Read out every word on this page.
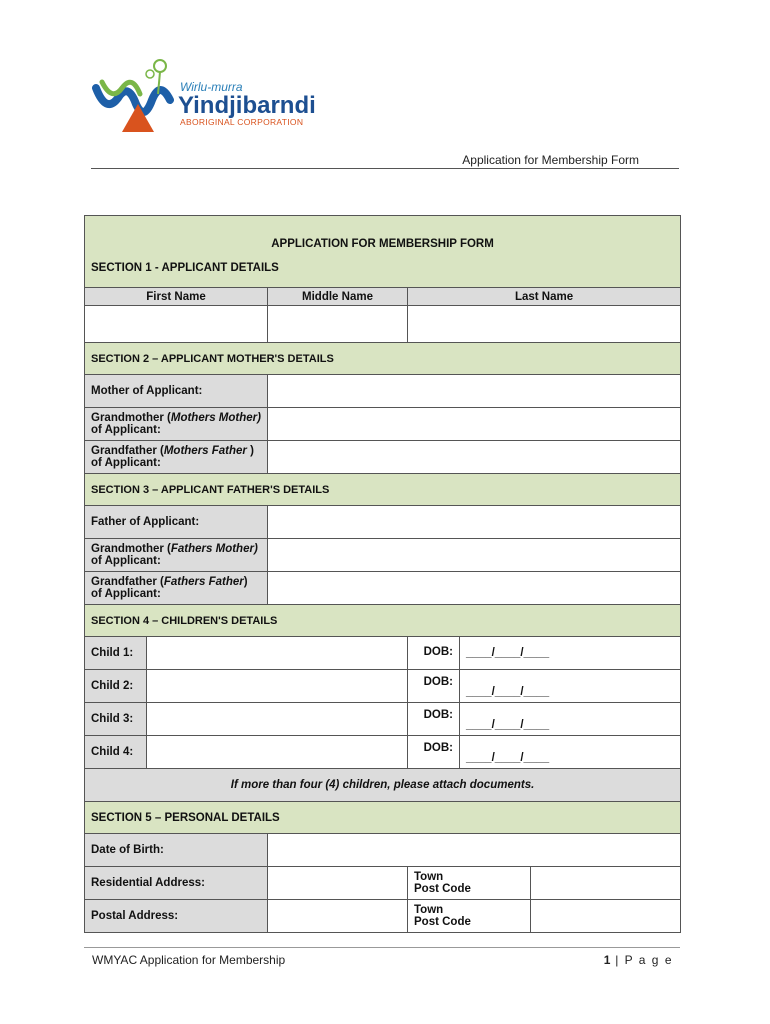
Wirlu-murra
Yindjibarndi
ABORIGINAL CORPORATION
Application for Membership Form
APPLICATION FOR MEMBERSHIP FORM					
SECTION 1 - APPLICANT DETAILS					
First Name		Middle Name	Last Name		

SECTION 2 – APPLICANT MOTHER'S DETAILS					
Mother of Applicant:					
Grandmother (Mothers Mother) of Applicant:					
Grandfather (Mothers Father ) of Applicant:					
SECTION 3 – APPLICANT FATHER'S DETAILS					
Father of Applicant:					
Grandmother (Fathers Mother) of Applicant:					
Grandfather (Fathers Father) of Applicant:					
SECTION 4 – CHILDREN'S DETAILS					
Child 1:			DOB:	____/____/____	
Child 2:			DOB:	____/____/____	
Child 3:			DOB:	____/____/____	
Child 4:			DOB:	____/____/____	
If more than four (4) children, please attach documents.					
SECTION 5 – PERSONAL DETAILS					
Date of Birth:					
Residential Address:			Town
Post Code		
Postal Address:			Town
Post Code		
WMYAC Application for Membership	1 | P a g e
